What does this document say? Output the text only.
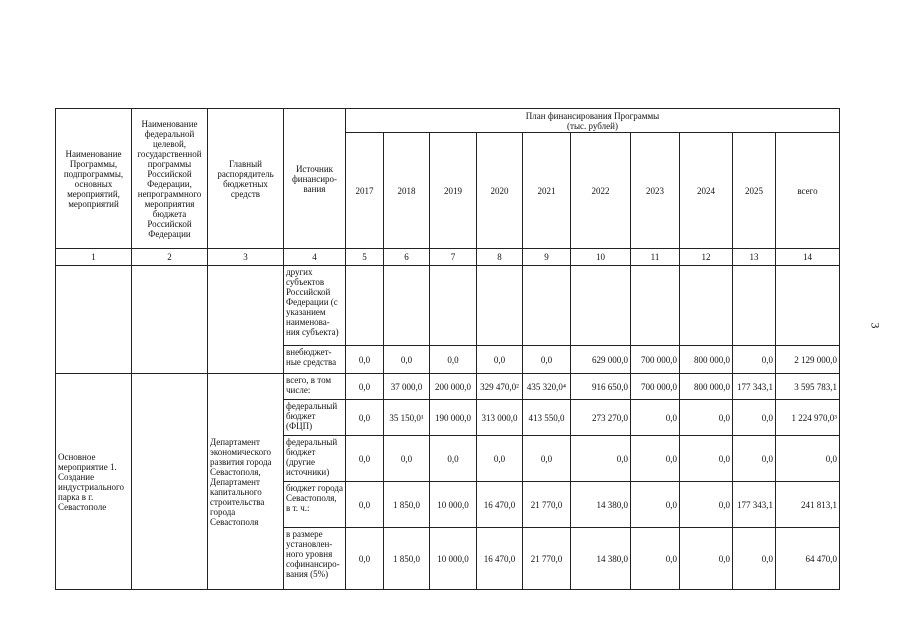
Наименование Программы, подпрограммы, основных мероприятий, мероприятий	Наименование федеральной целевой, государственной программы Российской Федерации, непрограммного мероприятия бюджета Российской Федерации	Главный распорядитель бюджетных средств	Источник финансиро-вания	План финансирования Программы
(тыс. рублей)									

				2017	2018	2019	2020	2021	2022	2023	2024	2025	всего
1	2	3	4	5	6	7	8	9	10	11	12	13	14
			других субъектов Российской Федерации (с указанием наименова-ния субъекта)										
			внебюджет-ные средства	0,0	0,0	0,0	0,0	0,0	629 000,0	700 000,0	800 000,0	0,0	2 129 000,0
Основное мероприятие 1. Создание индустриального парка в г. Севастополе		Департамент экономического развития города Севастополя, Департамент капитального строительства города Севастополя	всего, в том числе:	0,0	37 000,0	200 000,0	329 470,0²	435 320,0⁴	916 650,0	700 000,0	800 000,0	177 343,1	3 595 783,1
			федеральный бюджет (ФЦП)	0,0	35 150,0¹	190 000,0	313 000,0	413 550,0	273 270,0	0,0	0,0	0,0	1 224 970,0³
			федеральный бюджет (другие источники)	0,0	0,0	0,0	0,0	0,0	0,0	0,0	0,0	0,0	0,0
			бюджет города Севастополя, в т. ч.:	0,0	1 850,0	10 000,0	16 470,0	21 770,0	14 380,0	0,0	0,0	177 343,1	241 813,1
			в размере установлен-ного уровня софинансиро-вания (5%)	0,0	1 850,0	10 000,0	16 470,0	21 770,0	14 380,0	0,0	0,0	0,0	64 470,0
3
